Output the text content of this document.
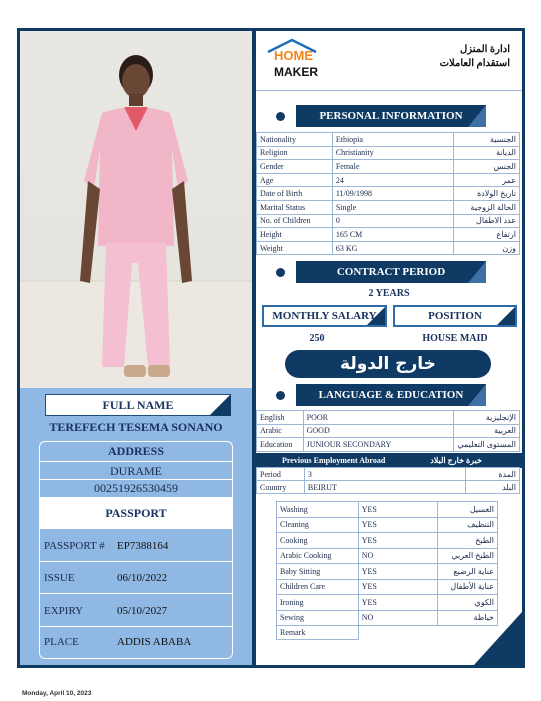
FULL NAME
TEREFECH TESEMA SONANO
ADDRESS
DURAME
00251926530459
PASSPORT
PASSPORT # EP7388164
ISSUE	06/10/2022
EXPIRY	05/10/2027
PLACE	ADDIS ABABA
HOME
MAKER
ادارة المنزل
استقدام العاملات
PERSONAL INFORMATION
Nationality	Ethiopia	الجنسية
Religion	Christianity	الديانة
Gender	Female	الجنس
Age	24	عمر
Date of Birth	11/09/1998	تاريخ الولادة
Marital Status	Single	الحالة الزوجية
No. of Children	0	عدد الاطفال
Height	165 CM	ارتفاع
Weight	63 KG	وزن
CONTRACT PERIOD
2 YEARS
MONTHLY SALARY	POSITION
250	HOUSE MAID
خارج الدولة
LANGUAGE & EDUCATION
English	POOR	الإنجليزية
Arabic	GOOD	العربية
Education	JUNIOUR SECONDARY	المستوى التعليمي
Previous Employment Abroad	خبرة خارج البلاد
Period	3	المدة
Country	BEIRUT	البلد
Washing	YES	الغسيل
Cleaning	YES	التنظيف
Cooking	YES	الطبخ
Arabic Cooking	NO	الطبخ العربي
Baby Sitting	YES	عناية الرضيع
Children Care	YES	عناية الأطفال
Ironing	YES	الكوي
Sewing	NO	خياطة
Remark		
Monday, April 10, 2023
